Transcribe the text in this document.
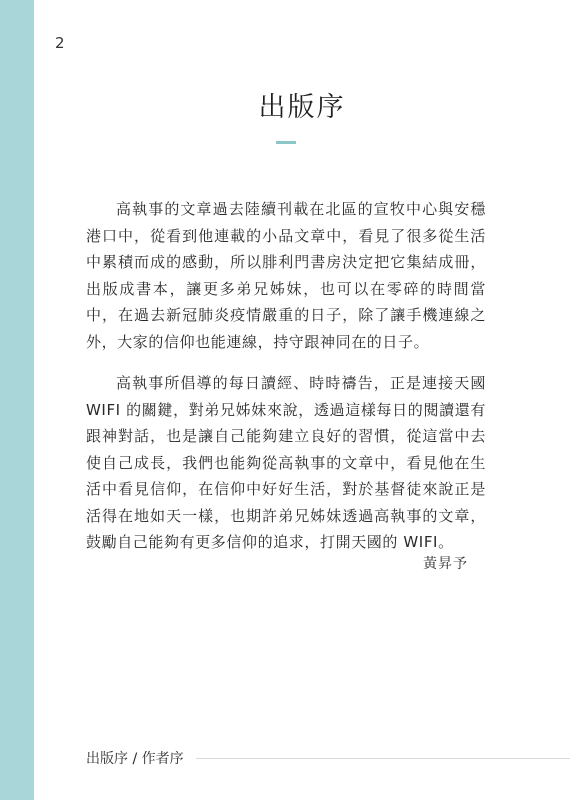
2
出版序

高執事的文章過去陸續刊載在北區的宣牧中心與安穩港口中，從看到他連載的小品文章中，看見了很多從生活中累積而成的感動，所以腓利門書房決定把它集結成冊，出版成書本，讓更多弟兄姊妹，也可以在零碎的時間當中，在過去新冠肺炎疫情嚴重的日子，除了讓手機連線之外，大家的信仰也能連線，持守跟神同在的日子。

高執事所倡導的每日讀經、時時禱告，正是連接天國 WIFI 的關鍵，對弟兄姊妹來說，透過這樣每日的閱讀還有跟神對話，也是讓自己能夠建立良好的習慣，從這當中去使自己成長，我們也能夠從高執事的文章中，看見他在生活中看見信仰，在信仰中好好生活，對於基督徒來說正是活得在地如天一樣，也期許弟兄姊妹透過高執事的文章，鼓勵自己能夠有更多信仰的追求，打開天國的 WIFI。

黃昇予
出版序 / 作者序
